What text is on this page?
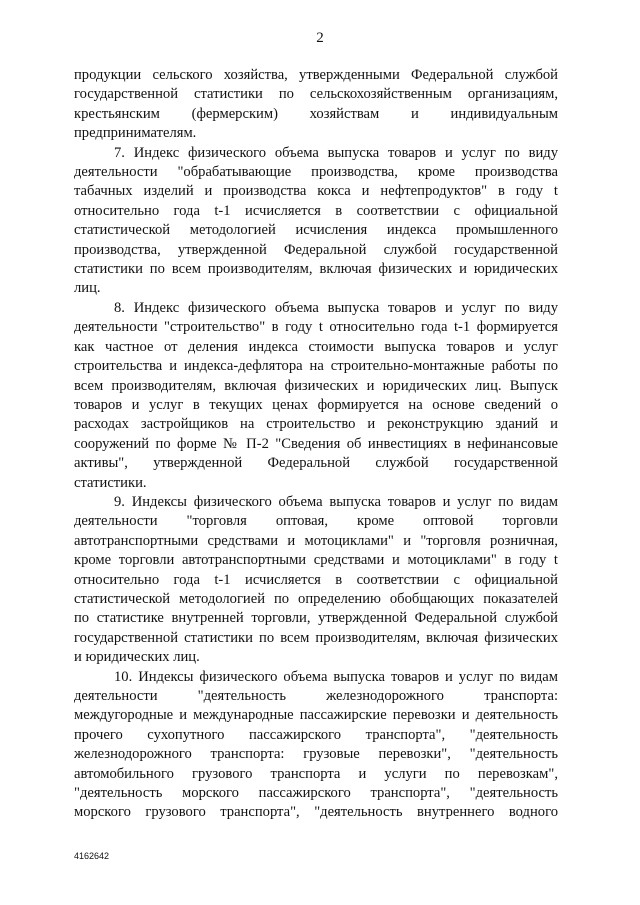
2
продукции сельского хозяйства, утвержденными Федеральной службой
государственной статистики по сельскохозяйственным организациям,
крестьянским (фермерским) хозяйствам и индивидуальным
предпринимателям.
7. Индекс физического объема выпуска товаров и услуг по виду
деятельности "обрабатывающие производства, кроме производства
табачных изделий и производства кокса и нефтепродуктов" в году t
относительно года t-1 исчисляется в соответствии с официальной
статистической методологией исчисления индекса промышленного
производства, утвержденной Федеральной службой государственной
статистики по всем производителям, включая физических и юридических
лиц.
8. Индекс физического объема выпуска товаров и услуг по виду
деятельности "строительство" в году t относительно года t-1 формируется
как частное от деления индекса стоимости выпуска товаров и услуг
строительства и индекса-дефлятора на строительно-монтажные работы по
всем производителям, включая физических и юридических лиц. Выпуск
товаров и услуг в текущих ценах формируется на основе сведений о
расходах застройщиков на строительство и реконструкцию зданий и
сооружений по форме № П-2 "Сведения об инвестициях в нефинансовые
активы", утвержденной Федеральной службой государственной
статистики.
9. Индексы физического объема выпуска товаров и услуг по видам
деятельности "торговля оптовая, кроме оптовой торговли
автотранспортными средствами и мотоциклами" и "торговля розничная,
кроме торговли автотранспортными средствами и мотоциклами" в году t
относительно года t-1 исчисляется в соответствии с официальной
статистической методологией по определению обобщающих показателей
по статистике внутренней торговли, утвержденной Федеральной службой
государственной статистики по всем производителям, включая физических
и юридических лиц.
10. Индексы физического объема выпуска товаров и услуг по видам
деятельности "деятельность железнодорожного транспорта:
междугородные и международные пассажирские перевозки и деятельность
прочего сухопутного пассажирского транспорта", "деятельность
железнодорожного транспорта: грузовые перевозки", "деятельность
автомобильного грузового транспорта и услуги по перевозкам",
"деятельность морского пассажирского транспорта", "деятельность
морского грузового транспорта", "деятельность внутреннего водного
4162642
